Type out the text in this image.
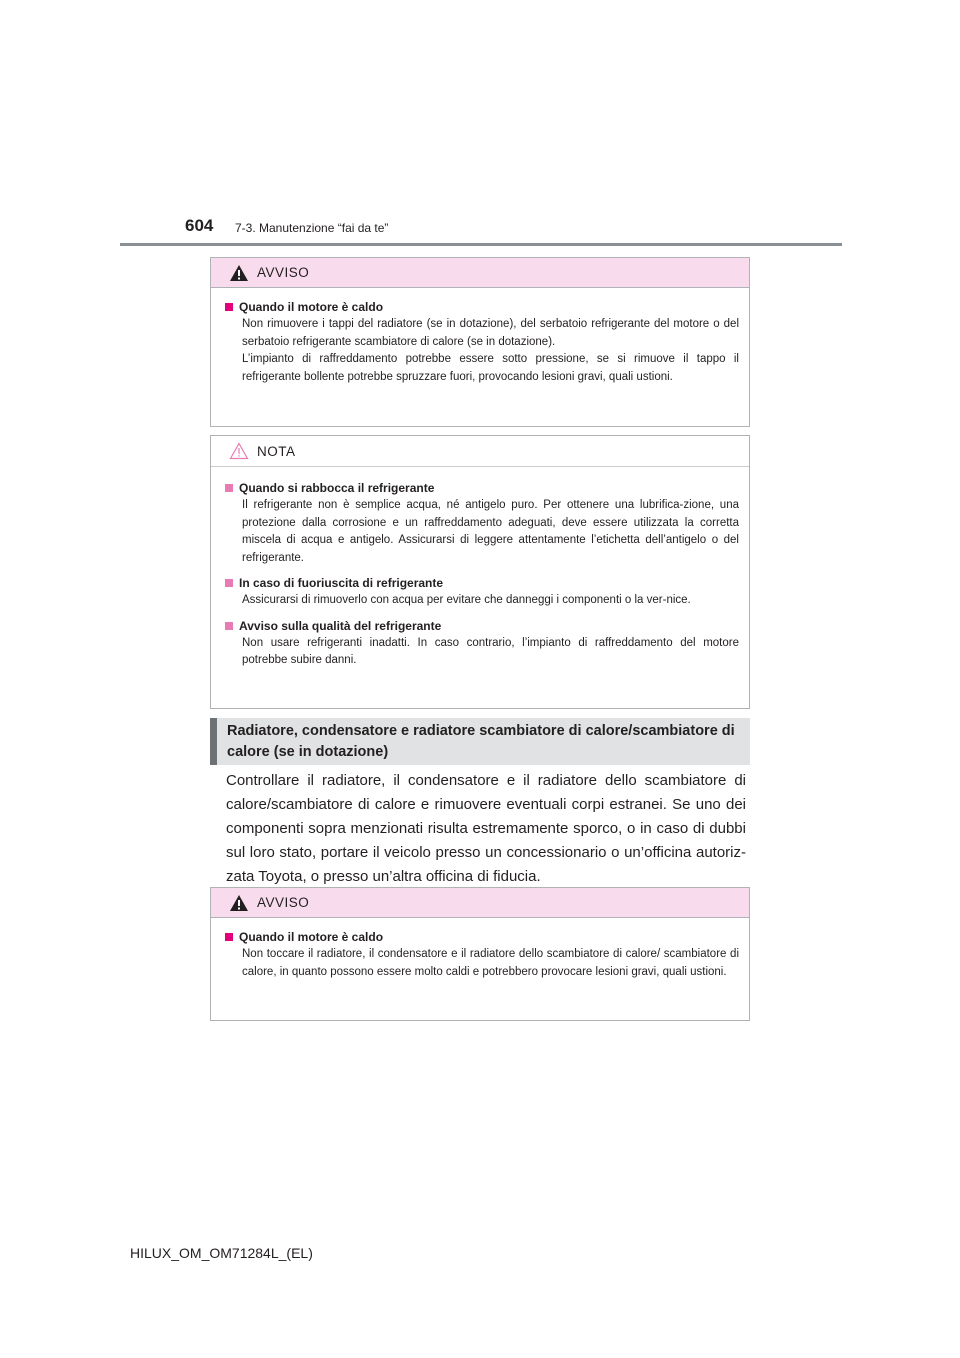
604 7-3. Manutenzione “fai da te”
AVVISO
Quando il motore è caldo
Non rimuovere i tappi del radiatore (se in dotazione), del serbatoio refrigerante del motore o del serbatoio refrigerante scambiatore di calore (se in dotazione).
L’impianto di raffreddamento potrebbe essere sotto pressione, se si rimuove il tappo il refrigerante bollente potrebbe spruzzare fuori, provocando lesioni gravi, quali ustioni.
NOTA
Quando si rabbocca il refrigerante
Il refrigerante non è semplice acqua, né antigelo puro. Per ottenere una lubrifica-zione, una protezione dalla corrosione e un raffreddamento adeguati, deve essere utilizzata la corretta miscela di acqua e antigelo. Assicurarsi di leggere attentamente l’etichetta dell’antigelo o del refrigerante.
In caso di fuoriuscita di refrigerante
Assicurarsi di rimuoverlo con acqua per evitare che danneggi i componenti o la ver-nice.
Avviso sulla qualità del refrigerante
Non usare refrigeranti inadatti. In caso contrario, l’impianto di raffreddamento del motore potrebbe subire danni.
Radiatore, condensatore e radiatore scambiatore di calore/scambiatore di calore (se in dotazione)

Controllare il radiatore, il condensatore e il radiatore dello scambiatore di calore/scambiatore di calore e rimuovere eventuali corpi estranei. Se uno dei componenti sopra menzionati risulta estremamente sporco, o in caso di dubbi sul loro stato, portare il veicolo presso un concessionario o un’officina autoriz-zata Toyota, o presso un’altra officina di fiducia.

AVVISO
Quando il motore è caldo
Non toccare il radiatore, il condensatore e il radiatore dello scambiatore di calore/ scambiatore di calore, in quanto possono essere molto caldi e potrebbero provocare lesioni gravi, quali ustioni.
HILUX_OM_OM71284L_(EL)
